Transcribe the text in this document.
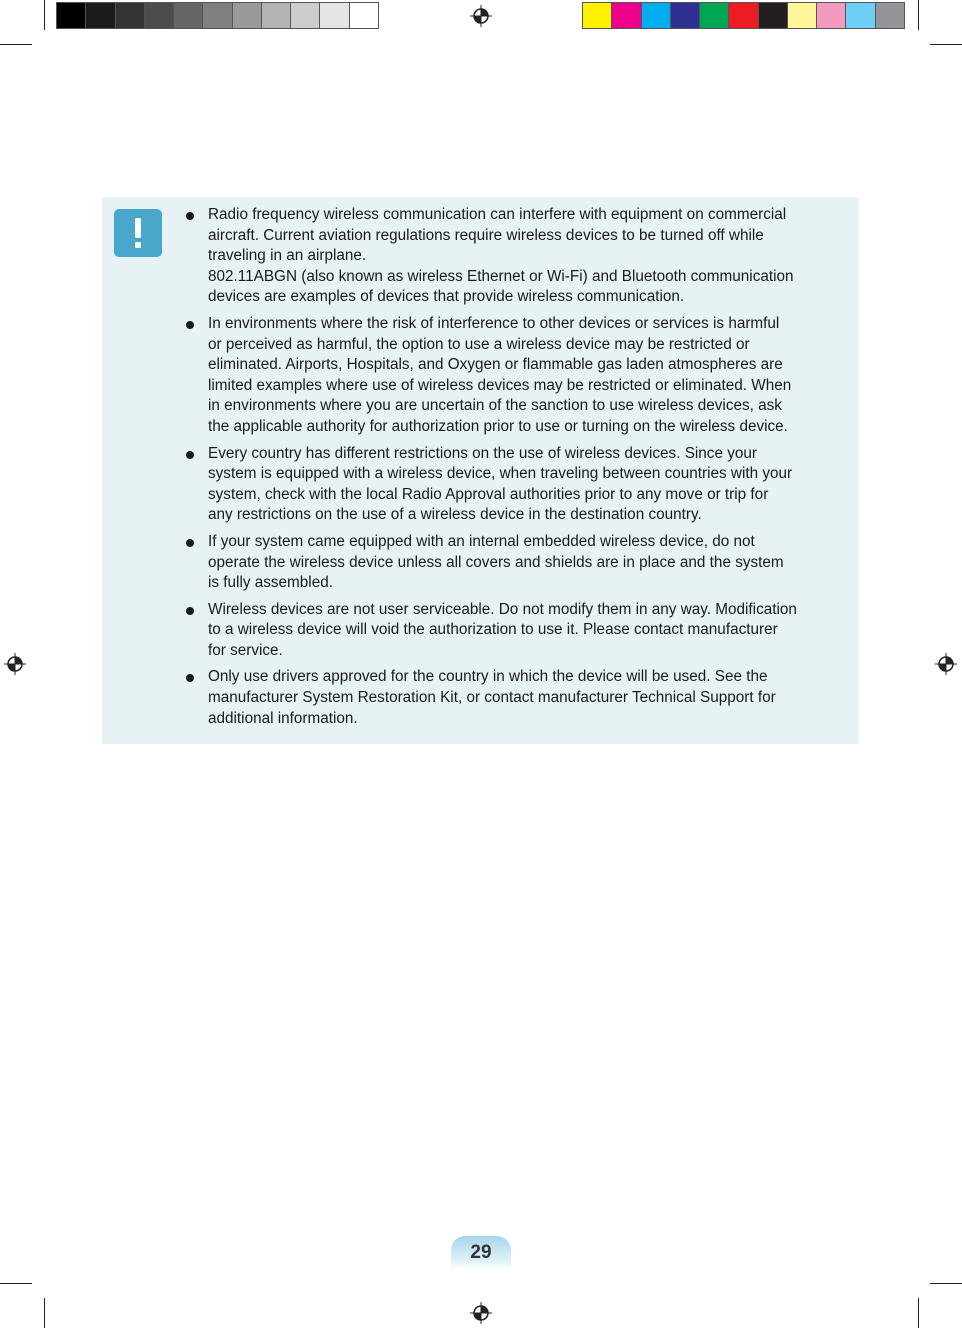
Radio frequency wireless communication can interfere with equipment on commercial
aircraft. Current aviation regulations require wireless devices to be turned off while
traveling in an airplane.
802.11ABGN (also known as wireless Ethernet or Wi-Fi) and Bluetooth communication
devices are examples of devices that provide wireless communication.
In environments where the risk of interference to other devices or services is harmful
or perceived as harmful, the option to use a wireless device may be restricted or
eliminated. Airports, Hospitals, and Oxygen or flammable gas laden atmospheres are
limited examples where use of wireless devices may be restricted or eliminated. When
in environments where you are uncertain of the sanction to use wireless devices, ask
the applicable authority for authorization prior to use or turning on the wireless device.
Every country has different restrictions on the use of wireless devices. Since your
system is equipped with a wireless device, when traveling between countries with your
system, check with the local Radio Approval authorities prior to any move or trip for
any restrictions on the use of a wireless device in the destination country.
If your system came equipped with an internal embedded wireless device, do not
operate the wireless device unless all covers and shields are in place and the system
is fully assembled.
Wireless devices are not user serviceable. Do not modify them in any way. Modification
to a wireless device will void the authorization to use it. Please contact manufacturer
for service.
Only use drivers approved for the country in which the device will be used. See the
manufacturer System Restoration Kit, or contact manufacturer Technical Support for
additional information.
29
